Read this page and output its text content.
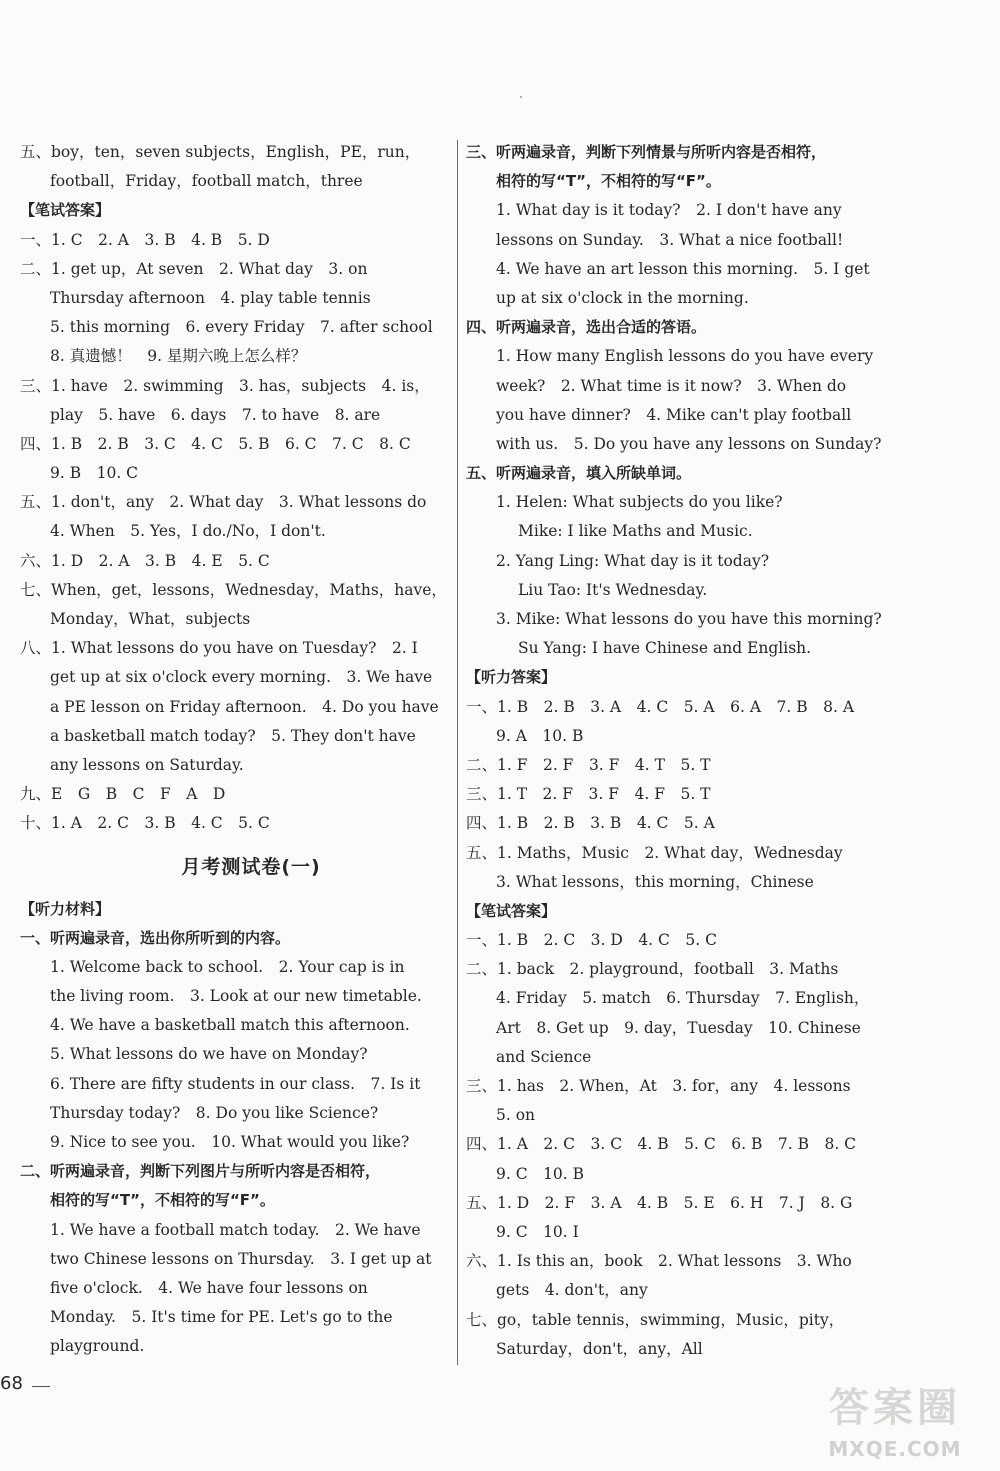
五、boy，ten，seven subjects，English，PE，run，
football，Friday，football match，three
【笔试答案】
一、1. C　2. A　3. B　4. B　5. D
二、1. get up，At seven　2. What day　3. on
Thursday afternoon　4. play table tennis
5. this morning　6. every Friday　7. after school
8. 真遗憾！　9. 星期六晚上怎么样？
三、1. have　2. swimming　3. has，subjects　4. is，
play　5. have　6. days　7. to have　8. are
四、1. B　2. B　3. C　4. C　5. B　6. C　7. C　8. C
9. B　10. C
五、1. don't，any　2. What day　3. What lessons do
4. When　5. Yes，I do./No，I don't.
六、1. D　2. A　3. B　4. E　5. C
七、When，get，lessons，Wednesday，Maths，have，
Monday，What，subjects
八、1. What lessons do you have on Tuesday?　2. I
get up at six o'clock every morning.　3. We have
a PE lesson on Friday afternoon.　4. Do you have
a basketball match today?　5. They don't have
any lessons on Saturday.
九、E　G　B　C　F　A　D
十、1. A　2. C　3. B　4. C　5. C
月考测试卷(一)
【听力材料】
一、听两遍录音，选出你所听到的内容。
1. Welcome back to school.　2. Your cap is in
the living room.　3. Look at our new timetable.
4. We have a basketball match this afternoon.
5. What lessons do we have on Monday?
6. There are fifty students in our class.　7. Is it
Thursday today?　8. Do you like Science?
9. Nice to see you.　10. What would you like?
二、听两遍录音，判断下列图片与所听内容是否相符，
相符的写“T”，不相符的写“F”。
1. We have a football match today.　2. We have
two Chinese lessons on Thursday.　3. I get up at
five o'clock.　4. We have four lessons on
Monday.　5. It's time for PE. Let's go to the
playground.
三、听两遍录音，判断下列情景与所听内容是否相符，
相符的写“T”，不相符的写“F”。
1. What day is it today?　2. I don't have any
lessons on Sunday.　3. What a nice football!
4. We have an art lesson this morning.　5. I get
up at six o'clock in the morning.
四、听两遍录音，选出合适的答语。
1. How many English lessons do you have every
week?　2. What time is it now?　3. When do
you have dinner?　4. Mike can't play football
with us.　5. Do you have any lessons on Sunday?
五、听两遍录音，填入所缺单词。
1. Helen: What subjects do you like?
Mike: I like Maths and Music.
2. Yang Ling: What day is it today?
Liu Tao: It's Wednesday.
3. Mike: What lessons do you have this morning?
Su Yang: I have Chinese and English.
【听力答案】
一、1. B　2. B　3. A　4. C　5. A　6. A　7. B　8. A
9. A　10. B
二、1. F　2. F　3. F　4. T　5. T
三、1. T　2. F　3. F　4. F　5. T
四、1. B　2. B　3. B　4. C　5. A
五、1. Maths，Music　2. What day，Wednesday
3. What lessons，this morning，Chinese
【笔试答案】
一、1. B　2. C　3. D　4. C　5. C
二、1. back　2. playground，football　3. Maths
4. Friday　5. match　6. Thursday　7. English，
Art　8. Get up　9. day，Tuesday　10. Chinese
and Science
三、1. has　2. When，At　3. for，any　4. lessons
5. on
四、1. A　2. C　3. C　4. B　5. C　6. B　7. B　8. C
9. C　10. B
五、1. D　2. F　3. A　4. B　5. E　6. H　7. J　8. G
9. C　10. I
六、1. Is this an，book　2. What lessons　3. Who
gets　4. don't，any
七、go，table tennis，swimming，Music，pity，
Saturday，don't，any，All
68
答案圈
MXQE.COM
